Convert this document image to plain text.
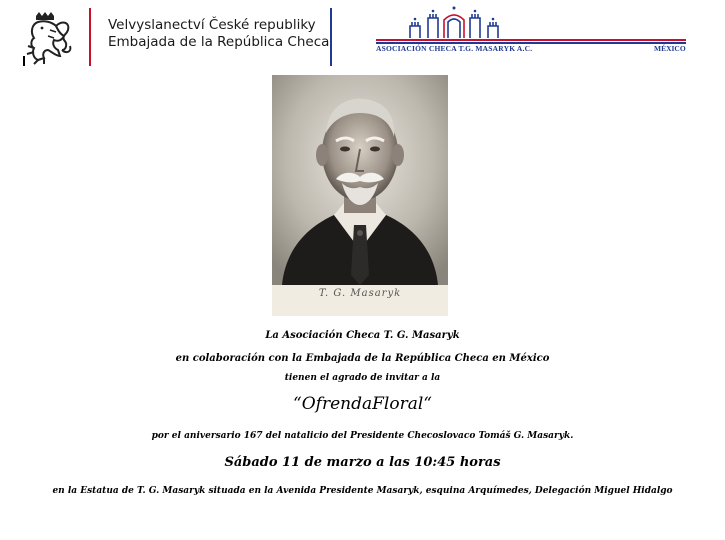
Velvyslanectví České republiky
Embajada de la República Checa	ASOCIACIÓN CHECA T.G. MASARYK A.C.	MÉXICO
T. G. Masaryk
La Asociación Checa T. G. Masaryk
en colaboración con la Embajada de la República Checa en México
tienen el agrado de invitar a la
“OfrendaFloral“
por el aniversario 167 del natalicio del Presidente Checoslovaco Tomáš G. Masaryk.
Sábado 11 de marzo a las 10:45 horas
en la Estatua de T. G. Masaryk situada en la Avenida Presidente Masaryk, esquina Arquímedes, Delegación Miguel Hidalgo
